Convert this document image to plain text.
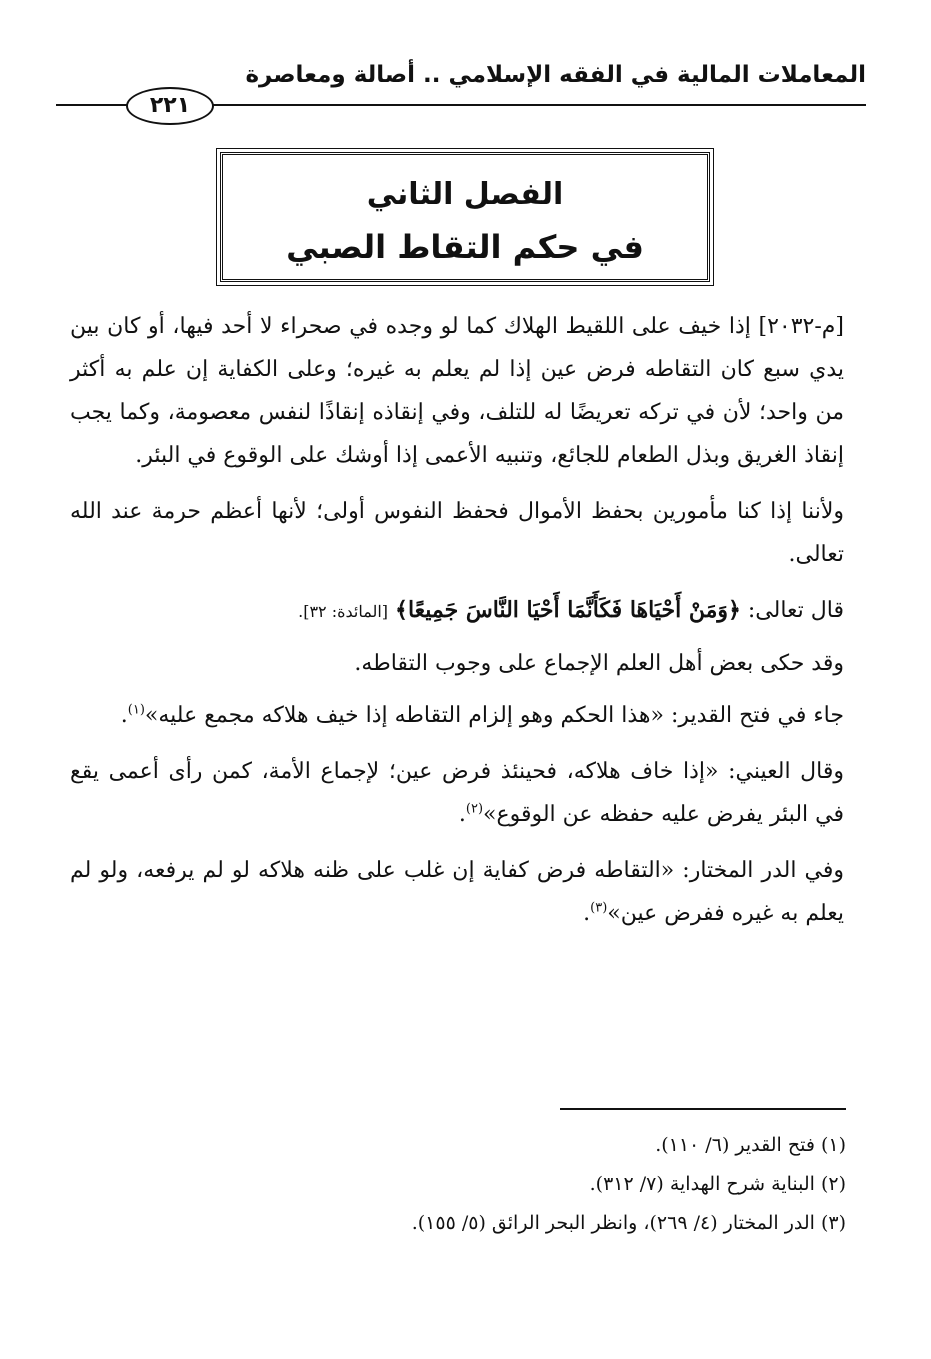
المعاملات المالية في الفقه الإسلامي .. أصالة ومعاصرة
٢٢١
الفصل الثاني
في حكم التقاط الصبي

[م-٢٠٣٢] إذا خيف على اللقيط الهلاك كما لو وجده في صحراء لا أحد فيها، أو كان بين يدي سبع كان التقاطه فرض عين إذا لم يعلم به غيره؛ وعلى الكفاية إن علم به أكثر من واحد؛ لأن في تركه تعريضًا له للتلف، وفي إنقاذه إنقاذًا لنفس معصومة، وكما يجب إنقاذ الغريق وبذل الطعام للجائع، وتنبيه الأعمى إذا أوشك على الوقوع في البئر.

ولأننا إذا كنا مأمورين بحفظ الأموال فحفظ النفوس أولى؛ لأنها أعظم حرمة عند الله تعالى.

قال تعالى: ﴿وَمَنْ أَحْيَاهَا فَكَأَنَّمَا أَحْيَا النَّاسَ جَمِيعًا﴾ [المائدة: ٣٢].

وقد حكى بعض أهل العلم الإجماع على وجوب التقاطه.

جاء في فتح القدير: «هذا الحكم وهو إلزام التقاطه إذا خيف هلاكه مجمع عليه»$^{(١)}$.

وقال العيني: «إذا خاف هلاكه، فحينئذ فرض عين؛ لإجماع الأمة، كمن رأى أعمى يقع في البئر يفرض عليه حفظه عن الوقوع»$^{(٢)}$.

وفي الدر المختار: «التقاطه فرض كفاية إن غلب على ظنه هلاكه لو لم يرفعه، ولو لم يعلم به غيره ففرض عين»$^{(٣)}$.

(١)فتح القدير (٦/ ١١٠).

(٢)البناية شرح الهداية (٧/ ٣١٢).

(٣)الدر المختار (٤/ ٢٦٩)، وانظر البحر الرائق (٥/ ١٥٥).
